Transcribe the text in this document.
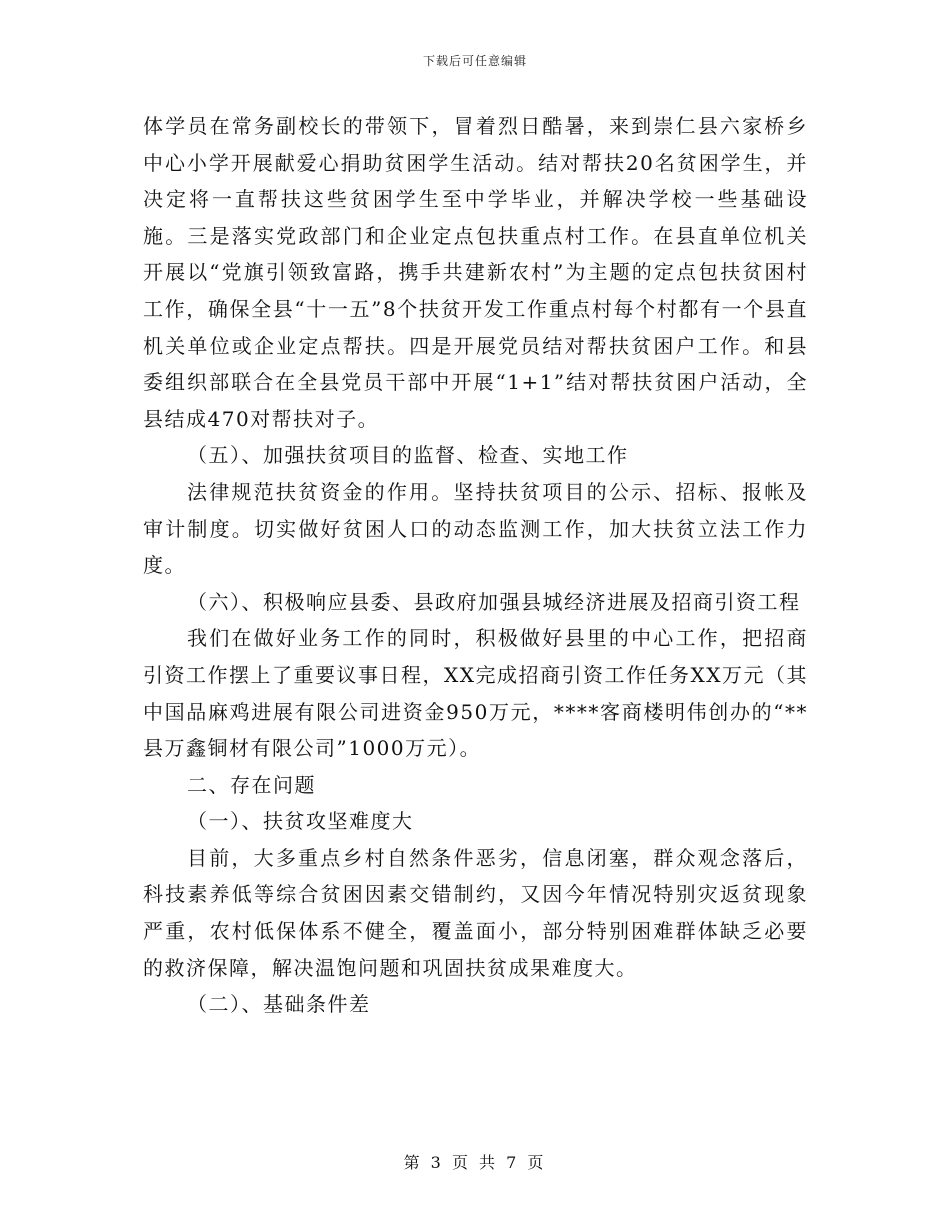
下载后可任意编辑

体学员在常务副校长的带领下，冒着烈日酷暑，来到崇仁县六家桥乡中心小学开展献爱心捐助贫困学生活动。结对帮扶20名贫困学生，并决定将一直帮扶这些贫困学生至中学毕业，并解决学校一些基础设施。三是落实党政部门和企业定点包扶重点村工作。在县直单位机关开展以“党旗引领致富路，携手共建新农村”为主题的定点包扶贫困村工作，确保全县“十一五”8个扶贫开发工作重点村每个村都有一个县直机关单位或企业定点帮扶。四是开展党员结对帮扶贫困户工作。和县委组织部联合在全县党员干部中开展“1+1”结对帮扶贫困户活动，全县结成470对帮扶对子。

（五）、加强扶贫项目的监督、检查、实地工作

法律规范扶贫资金的作用。坚持扶贫项目的公示、招标、报帐及审计制度。切实做好贫困人口的动态监测工作，加大扶贫立法工作力度。

（六）、积极响应县委、县政府加强县城经济进展及招商引资工程

我们在做好业务工作的同时，积极做好县里的中心工作，把招商引资工作摆上了重要议事日程，XX完成招商引资工作任务XX万元（其中国品麻鸡进展有限公司进资金950万元，****客商楼明伟创办的“**县万鑫铜材有限公司”1000万元）。

二、存在问题

（一）、扶贫攻坚难度大

目前，大多重点乡村自然条件恶劣，信息闭塞，群众观念落后，科技素养低等综合贫困因素交错制约，又因今年情况特别灾返贫现象严重，农村低保体系不健全，覆盖面小，部分特别困难群体缺乏必要的救济保障，解决温饱问题和巩固扶贫成果难度大。

（二）、基础条件差

第 3 页 共 7 页
